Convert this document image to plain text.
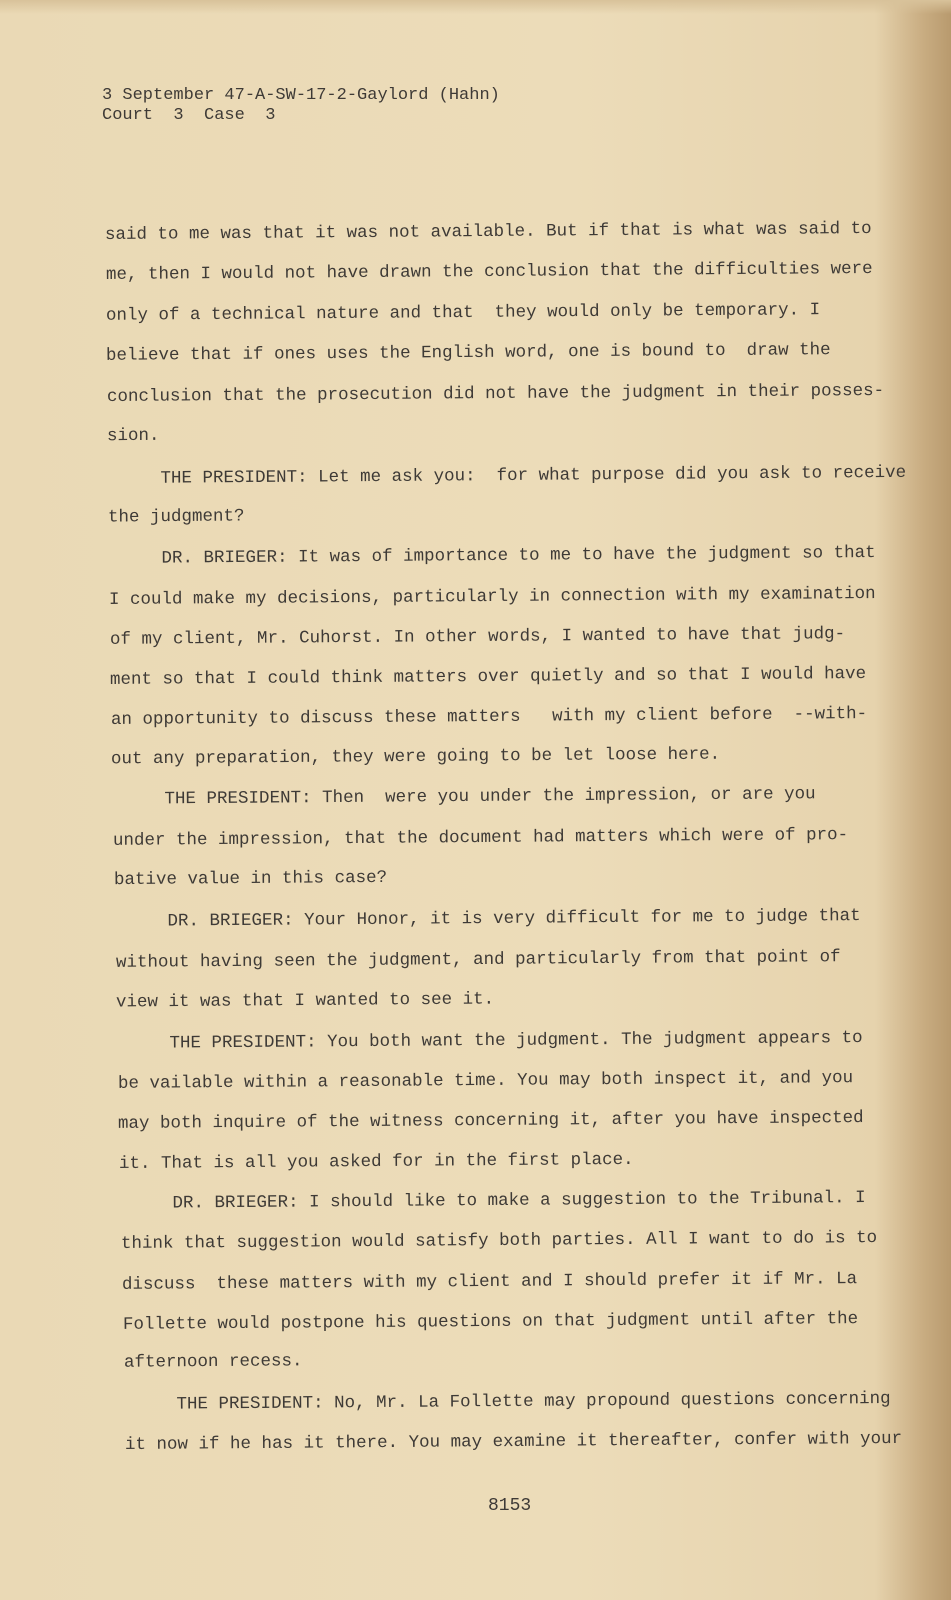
3 September 47-A-SW-17-2-Gaylord (Hahn)
Court  3  Case  3
said to me was that it was not available. But if that is what was said to
me, then I would not have drawn the conclusion that the difficulties were
only of a technical nature and that  they would only be temporary. I
believe that if ones uses the English word, one is bound to  draw the
conclusion that the prosecution did not have the judgment in their posses-
sion.
THE PRESIDENT: Let me ask you:  for what purpose did you ask to receive
the judgment?
DR. BRIEGER: It was of importance to me to have the judgment so that
I could make my decisions, particularly in connection with my examination
of my client, Mr. Cuhorst. In other words, I wanted to have that judg-
ment so that I could think matters over quietly and so that I would have
an opportunity to discuss these matters   with my client before  --with-
out any preparation, they were going to be let loose here.
THE PRESIDENT: Then  were you under the impression, or are you
under the impression, that the document had matters which were of pro-
bative value in this case?
DR. BRIEGER: Your Honor, it is very difficult for me to judge that
without having seen the judgment, and particularly from that point of
view it was that I wanted to see it.
THE PRESIDENT: You both want the judgment. The judgment appears to
be vailable within a reasonable time. You may both inspect it, and you
may both inquire of the witness concerning it, after you have inspected
it. That is all you asked for in the first place.
DR. BRIEGER: I should like to make a suggestion to the Tribunal. I
think that suggestion would satisfy both parties. All I want to do is to
discuss  these matters with my client and I should prefer it if Mr. La
Follette would postpone his questions on that judgment until after the
afternoon recess.
THE PRESIDENT: No, Mr. La Follette may propound questions concerning
it now if he has it there. You may examine it thereafter, confer with your
8153
